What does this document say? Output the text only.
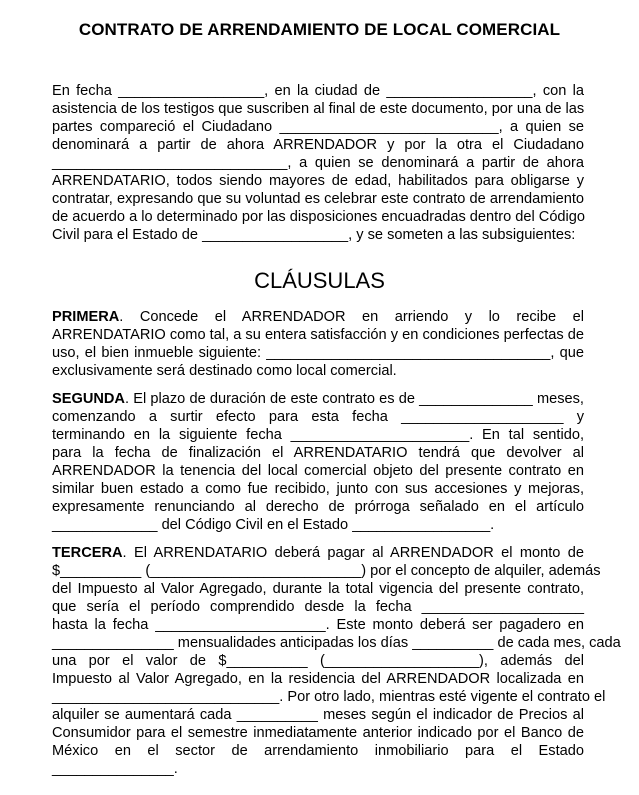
CONTRATO DE ARRENDAMIENTO DE LOCAL COMERCIAL
En fecha __________________, en la ciudad de __________________, con la
asistencia de los testigos que suscriben al final de este documento, por una de las
partes compareció el Ciudadano ___________________________, a quien se
denominará a partir de ahora ARRENDADOR y por la otra el Ciudadano
_____________________________, a quien se denominará a partir de ahora
ARRENDATARIO, todos siendo mayores de edad, habilitados para obligarse y
contratar, expresando que su voluntad es celebrar este contrato de arrendamiento
de acuerdo a lo determinado por las disposiciones encuadradas dentro del Código
Civil para el Estado de __________________, y se someten a las subsiguientes:
CLÁUSULAS
PRIMERA. Concede el ARRENDADOR en arriendo y lo recibe el
ARRENDATARIO como tal, a su entera satisfacción y en condiciones perfectas de
uso, el bien inmueble siguiente: ___________________________________, que
exclusivamente será destinado como local comercial.
SEGUNDA. El plazo de duración de este contrato es de ______________ meses,
comenzando a surtir efecto para esta fecha ____________________ y
terminando en la siguiente fecha ______________________. En tal sentido,
para la fecha de finalización el ARRENDATARIO tendrá que devolver al
ARRENDADOR la tenencia del local comercial objeto del presente contrato en
similar buen estado a como fue recibido, junto con sus accesiones y mejoras,
expresamente renunciando al derecho de prórroga señalado en el artículo
_____________ del Código Civil en el Estado _________________.
TERCERA. El ARRENDATARIO deberá pagar al ARRENDADOR el monto de
$__________ (__________________________) por el concepto de alquiler, además
del Impuesto al Valor Agregado, durante la total vigencia del presente contrato,
que sería el período comprendido desde la fecha ____________________
hasta la fecha _____________________. Este monto deberá ser pagadero en
_______________ mensualidades anticipadas los días __________ de cada mes, cada
una por el valor de $__________ (___________________), además del
Impuesto al Valor Agregado, en la residencia del ARRENDADOR localizada en
____________________________. Por otro lado, mientras esté vigente el contrato el
alquiler se aumentará cada __________ meses según el indicador de Precios al
Consumidor para el semestre inmediatamente anterior indicado por el Banco de
México en el sector de arrendamiento inmobiliario para el Estado
_______________.
